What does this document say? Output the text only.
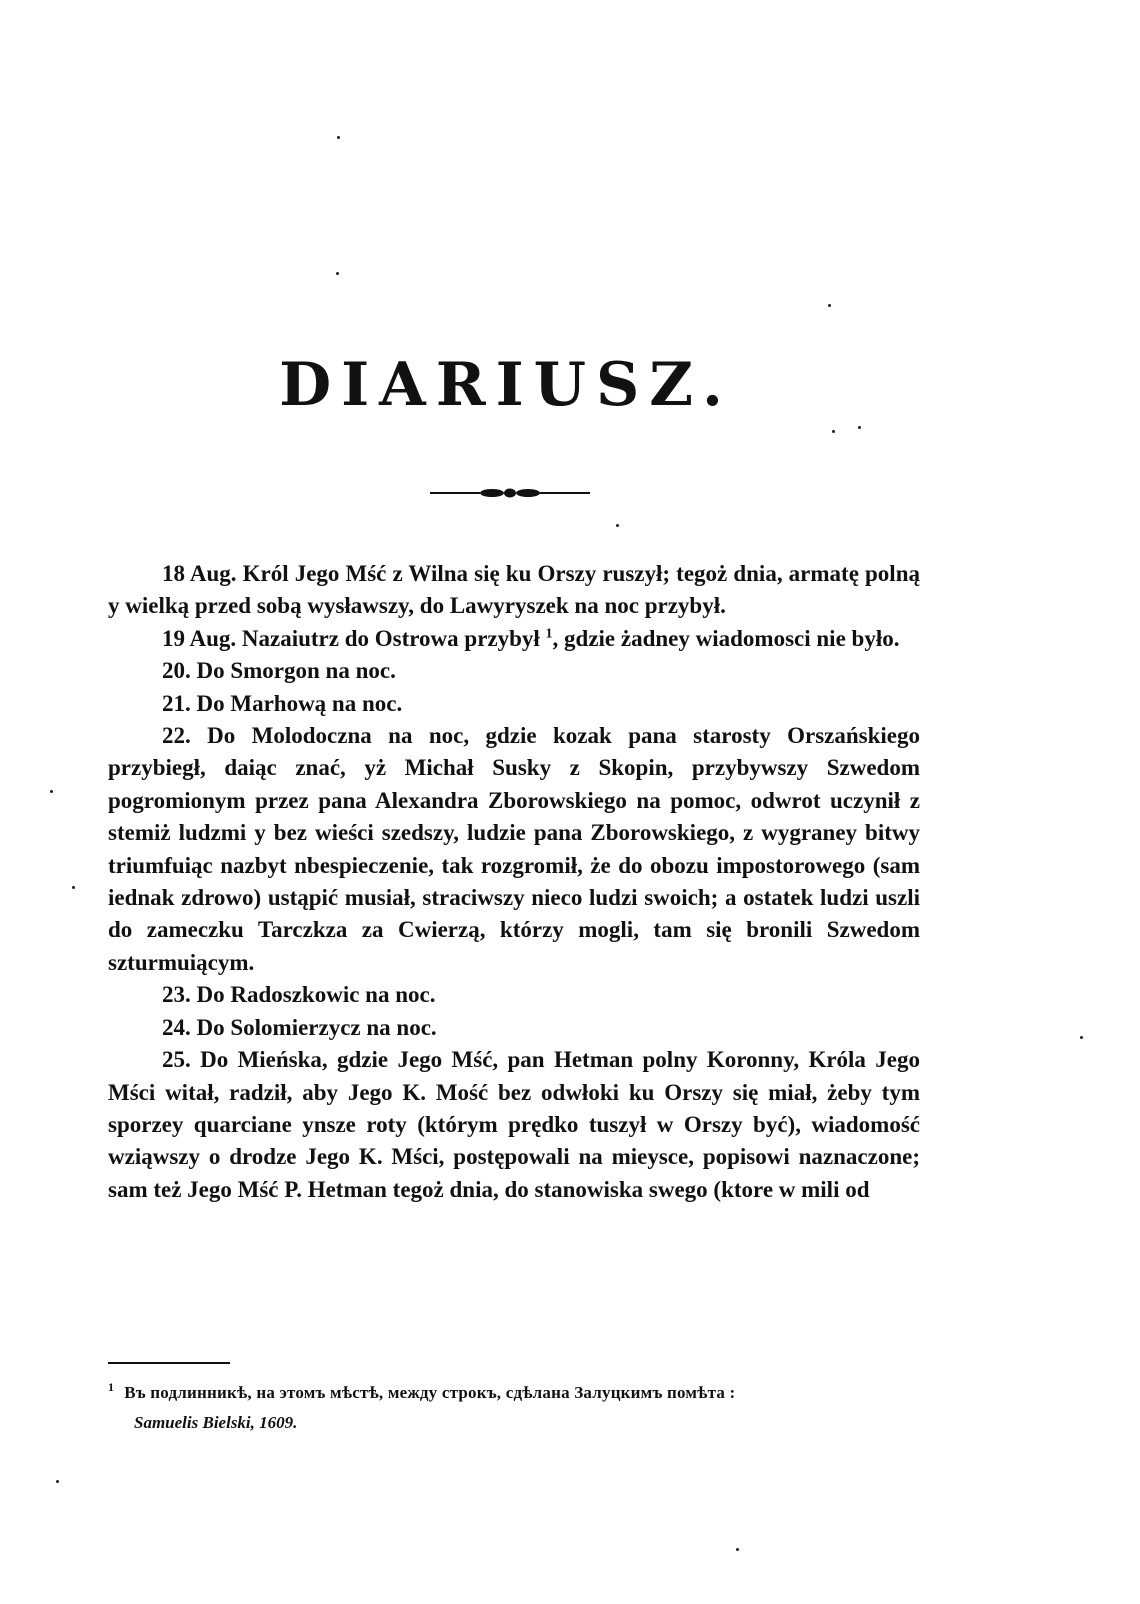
DIARIUSZ.

18 Aug. Król Jego Mść z Wilna się ku Orszy ruszył; tegoż dnia, armatę polną y wielką przed sobą wysławszy, do Lawyryszek na noc przybył.

19 Aug. Nazaiutrz do Ostrowa przybył $^1$, gdzie żadney wiadomosci nie było.

20. Do Smorgon na noc.

21. Do Marhową na noc.

22. Do Molodoczna na noc, gdzie kozak pana starosty Orszańskiego przybiegł, daiąc znać, yż Michał Susky z Skopin, przybywszy Szwedom pogromionym przez pana Alexandra Zborowskiego na pomoc, odwrot uczynił z stemiż ludzmi y bez wieści szedszy, ludzie pana Zborowskiego, z wygraney bitwy triumfuiąc nazbyt nbespieczenie, tak rozgromił, że do obozu impostorowego (sam iednak zdrowo) ustąpić musiał, straciwszy nieco ludzi swoich; a ostatek ludzi uszli do zameczku Tarczkza za Cwierzą, którzy mogli, tam się bronili Szwedom szturmuiącym.

23. Do Radoszkowic na noc.

24. Do Solomierzycz na noc.

25. Do Mieńska, gdzie Jego Mść, pan Hetman polny Koronny, Króla Jego Mści witał, radził, aby Jego K. Mość bez odwłoki ku Orszy się miał, żeby tym sporzey quarciane ynsze roty (którym prędko tuszył w Orszy być), wiadomość wziąwszy o drodze Jego K. Mści, postępowali na mieysce, popisowi naznaczone; sam też Jego Mść P. Hetman tegoż dnia, do stanowiska swego (ktore w mili od

$^1$ Въ подлинникѣ, на этомъ мѣстѣ, между строкъ, сдѣлана Залуцкимъ помѣта :

Samuelis Bielski, 1609.
